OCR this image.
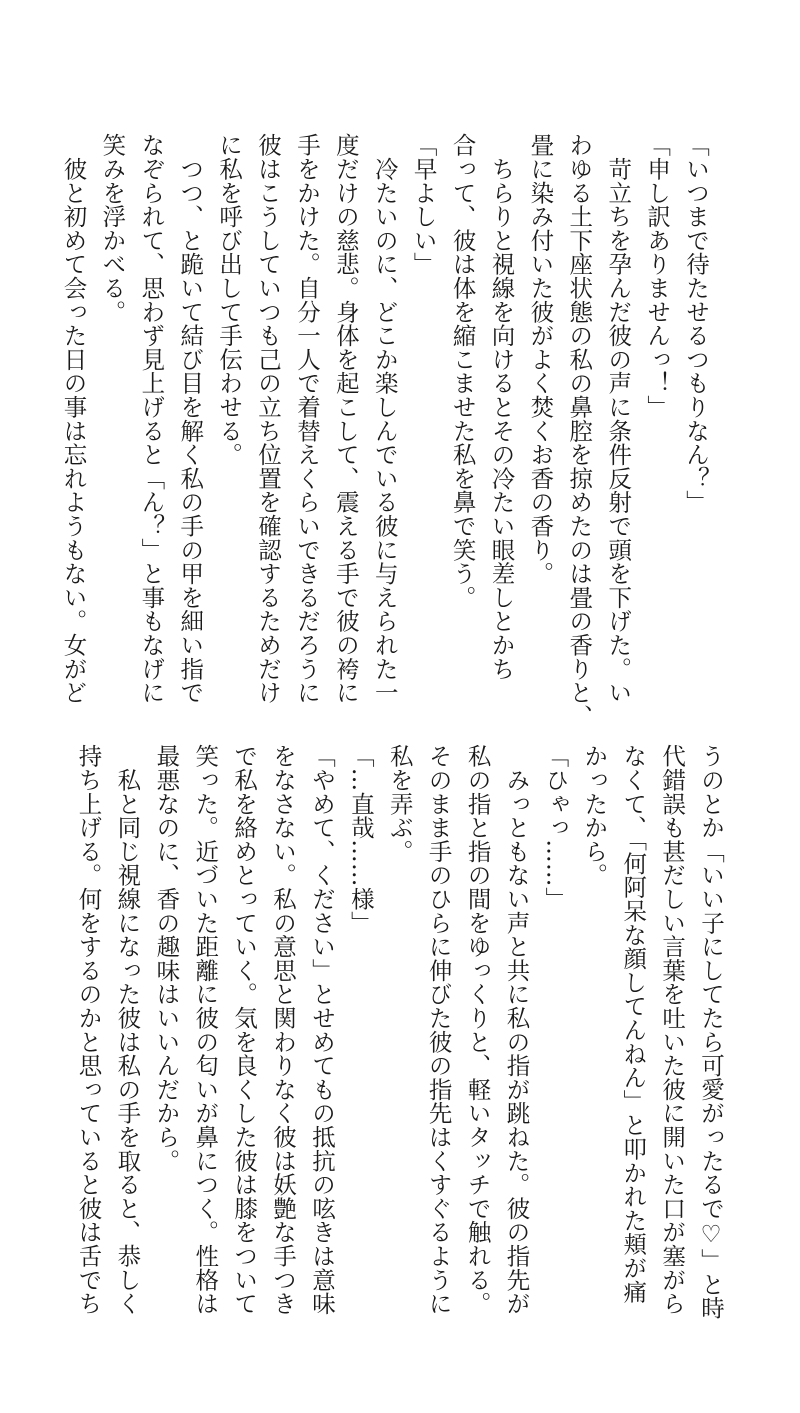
「いつまで待たせるつもりなん？」

「申し訳ありませんっ！」

　苛立ちを孕んだ彼の声に条件反射で頭を下げた。い

わゆる土下座状態の私の鼻腔を掠めたのは畳の香りと、

畳に染み付いた彼がよく焚くお香の香り。

　ちらりと視線を向けるとその冷たい眼差しとかち

合って、彼は体を縮こませた私を鼻で笑う。

「早よしい」

　冷たいのに、どこか楽しんでいる彼に与えられた一

度だけの慈悲。身体を起こして、震える手で彼の袴に

手をかけた。自分一人で着替えくらいできるだろうに

彼はこうしていつも己の立ち位置を確認するためだけ

に私を呼び出して手伝わせる。

　つつ、と跪いて結び目を解く私の手の甲を細い指で

なぞられて、思わず見上げると「ん？」と事もなげに

笑みを浮かべる。

　彼と初めて会った日の事は忘れようもない。女がど

うのとか「いい子にしてたら可愛がったるで♡」と時

代錯誤も甚だしい言葉を吐いた彼に開いた口が塞がら

なくて、「何阿呆な顔してんねん」と叩かれた頬が痛

かったから。

「ひゃっ……」

　みっともない声と共に私の指が跳ねた。彼の指先が

私の指と指の間をゆっくりと、軽いタッチで触れる。

そのまま手のひらに伸びた彼の指先はくすぐるように

私を弄ぶ。

「…直哉……様」

「やめて、ください」とせめてもの抵抗の呟きは意味

をなさない。私の意思と関わりなく彼は妖艶な手つき

で私を絡めとっていく。気を良くした彼は膝をついて

笑った。近づいた距離に彼の匂いが鼻につく。性格は

最悪なのに、香の趣味はいいんだから。

　私と同じ視線になった彼は私の手を取ると、恭しく

持ち上げる。何をするのかと思っていると彼は舌でち
